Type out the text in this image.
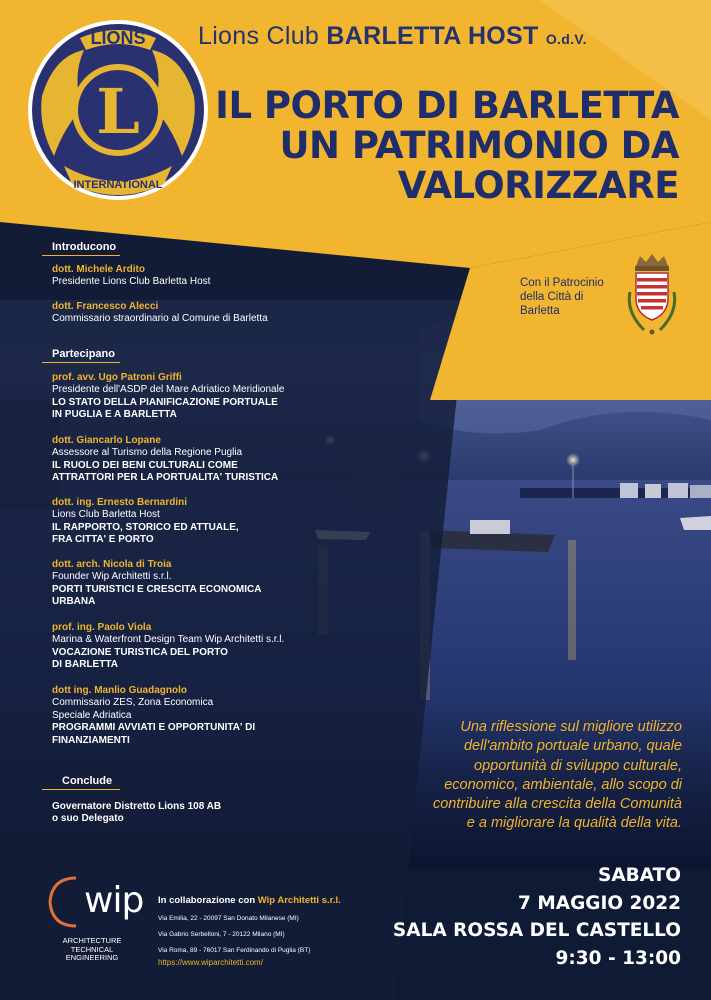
LIONS
L
INTERNATIONAL
Lions Club BARLETTA HOST O.d.V.
IL PORTO DI BARLETTA
UN PATRIMONIO DA
VALORIZZARE
Con il Patrocinio
della Città di
Barletta
Introducono
dott. Michele Ardito
Presidente Lions Club Barletta Host
dott. Francesco Alecci
Commissario straordinario al Comune di Barletta
Partecipano
prof. avv. Ugo Patroni Griffi
Presidente dell'ASDP del Mare Adriatico Meridionale
LO STATO DELLA PIANIFICAZIONE PORTUALE
IN PUGLIA E A BARLETTA
dott. Giancarlo Lopane
Assessore al Turismo della Regione Puglia
IL RUOLO DEI BENI CULTURALI COME
ATTRATTORI PER LA PORTUALITA' TURISTICA
dott. ing. Ernesto Bernardini
Lions Club Barletta Host
IL RAPPORTO, STORICO ED ATTUALE,
FRA CITTA' E PORTO
dott. arch. Nicola di Troia
Founder Wip Architetti s.r.l.
PORTI TURISTICI E CRESCITA ECONOMICA
URBANA
prof. ing. Paolo Viola
Marina & Waterfront Design Team Wip Architetti s.r.l.
VOCAZIONE TURISTICA DEL PORTO
DI BARLETTA
dott ing. Manlio Guadagnolo
Commissario ZES, Zona Economica
Speciale Adriatica
PROGRAMMI AVVIATI E OPPORTUNITA' DI
FINANZIAMENTI
Conclude
Governatore Distretto Lions 108 AB
o suo Delegato
Una riflessione sul migliore utilizzo
dell'ambito portuale urbano, quale
opportunità di sviluppo culturale,
economico, ambientale, allo scopo di
contribuire alla crescita della Comunità
e a migliorare la qualità della vita.
SABATO
7 MAGGIO 2022
SALA ROSSA DEL CASTELLO
9:30 - 13:00
wip
ARCHITECTURE
TECHNICAL
ENGINEERING
In collaborazione con Wip Architetti s.r.l.
Via Emilia, 22 - 20097 San Donato Milanese (MI)
Via Gabrio Serbelloni, 7 - 20122 Milano (MI)
Via Roma, 89 - 76017 San Ferdinando di Puglia (BT)
https://www.wiparchitetti.com/
